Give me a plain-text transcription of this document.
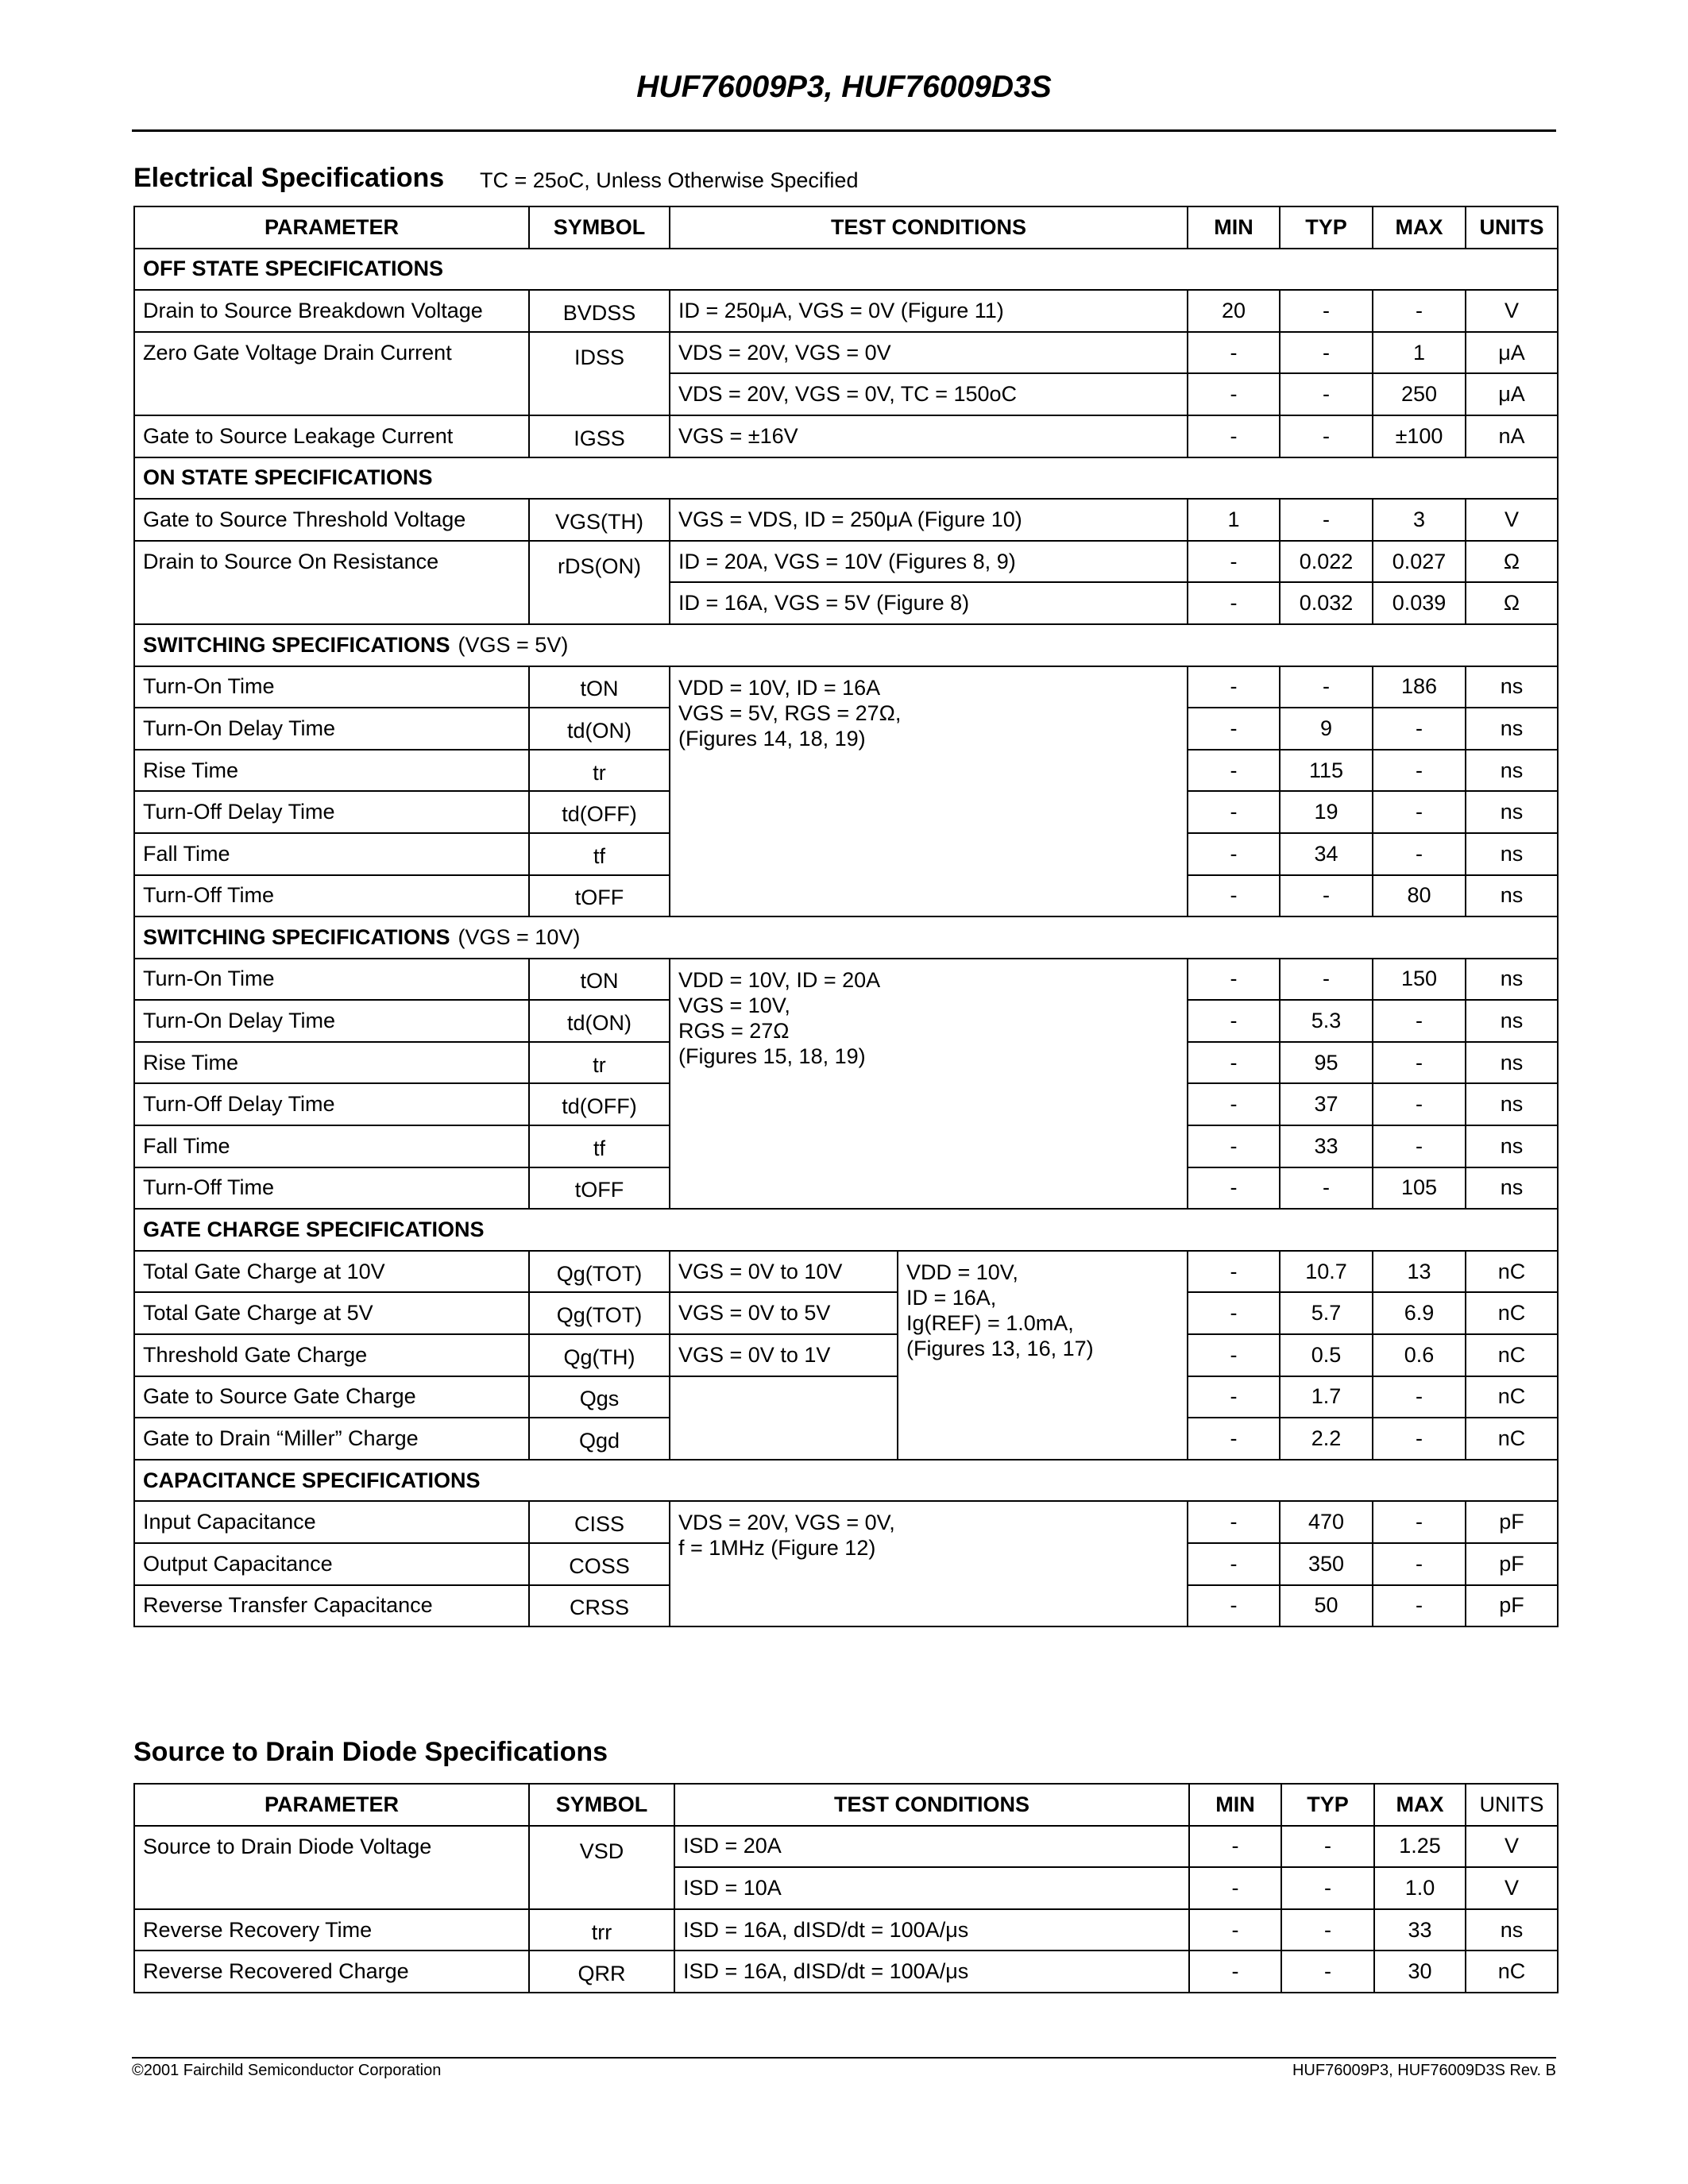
HUF76009P3, HUF76009D3S
Electrical Specifications TC = 25oC, Unless Otherwise Specified
PARAMETER	SYMBOL	TEST CONDITIONS		MIN	TYP	MAX	UNITS
OFF STATE SPECIFICATIONS							
Drain to Source Breakdown Voltage	BVDSS	ID = 250μA, VGS = 0V (Figure 11)		20	-	-	V
Zero Gate Voltage Drain Current	IDSS	VDS = 20V, VGS = 0V		-	-	1	μA
		VDS = 20V, VGS = 0V, TC = 150oC		-	-	250	μA
Gate to Source Leakage Current	IGSS	VGS = ±16V		-	-	±100	nA
ON STATE SPECIFICATIONS							
Gate to Source Threshold Voltage	VGS(TH)	VGS = VDS, ID = 250μA (Figure 10)		1	-	3	V
Drain to Source On Resistance	rDS(ON)	ID = 20A, VGS = 10V (Figures 8, 9)		-	0.022	0.027	Ω
		ID = 16A, VGS = 5V (Figure 8)		-	0.032	0.039	Ω
SWITCHING SPECIFICATIONS (VGS = 5V)							
Turn-On Time	tON	VDD = 10V, ID = 16A
VGS = 5V, RGS = 27Ω,
(Figures 14, 18, 19)		-	-	186	ns
Turn-On Delay Time	td(ON)			-	9	-	ns
Rise Time	tr			-	115	-	ns
Turn-Off Delay Time	td(OFF)			-	19	-	ns
Fall Time	tf			-	34	-	ns
Turn-Off Time	tOFF			-	-	80	ns
SWITCHING SPECIFICATIONS (VGS = 10V)							
Turn-On Time	tON	VDD = 10V, ID = 20A
VGS = 10V,
RGS = 27Ω
(Figures 15, 18, 19)		-	-	150	ns
Turn-On Delay Time	td(ON)			-	5.3	-	ns
Rise Time	tr			-	95	-	ns
Turn-Off Delay Time	td(OFF)			-	37	-	ns
Fall Time	tf			-	33	-	ns
Turn-Off Time	tOFF			-	-	105	ns
GATE CHARGE SPECIFICATIONS							
Total Gate Charge at 10V	Qg(TOT)	VGS = 0V to 10V	VDD = 10V,
ID = 16A,
Ig(REF) = 1.0mA,
(Figures 13, 16, 17)	-	10.7	13	nC
Total Gate Charge at 5V	Qg(TOT)	VGS = 0V to 5V		-	5.7	6.9	nC
Threshold Gate Charge	Qg(TH)	VGS = 0V to 1V		-	0.5	0.6	nC
Gate to Source Gate Charge	Qgs			-	1.7	-	nC
Gate to Drain “Miller” Charge	Qgd			-	2.2	-	nC
CAPACITANCE SPECIFICATIONS							
Input Capacitance	CISS	VDS = 20V, VGS = 0V,
f = 1MHz (Figure 12)		-	470	-	pF
Output Capacitance	COSS			-	350	-	pF
Reverse Transfer Capacitance	CRSS			-	50	-	pF
Source to Drain Diode Specifications
PARAMETER	SYMBOL	TEST CONDITIONS	MIN	TYP	MAX	UNITS
Source to Drain Diode Voltage	VSD	ISD = 20A	-	-	1.25	V
		ISD = 10A	-	-	1.0	V
Reverse Recovery Time	trr	ISD = 16A, dISD/dt = 100A/μs	-	-	33	ns
Reverse Recovered Charge	QRR	ISD = 16A, dISD/dt = 100A/μs	-	-	30	nC
©2001 Fairchild Semiconductor Corporation	HUF76009P3, HUF76009D3S Rev. B
